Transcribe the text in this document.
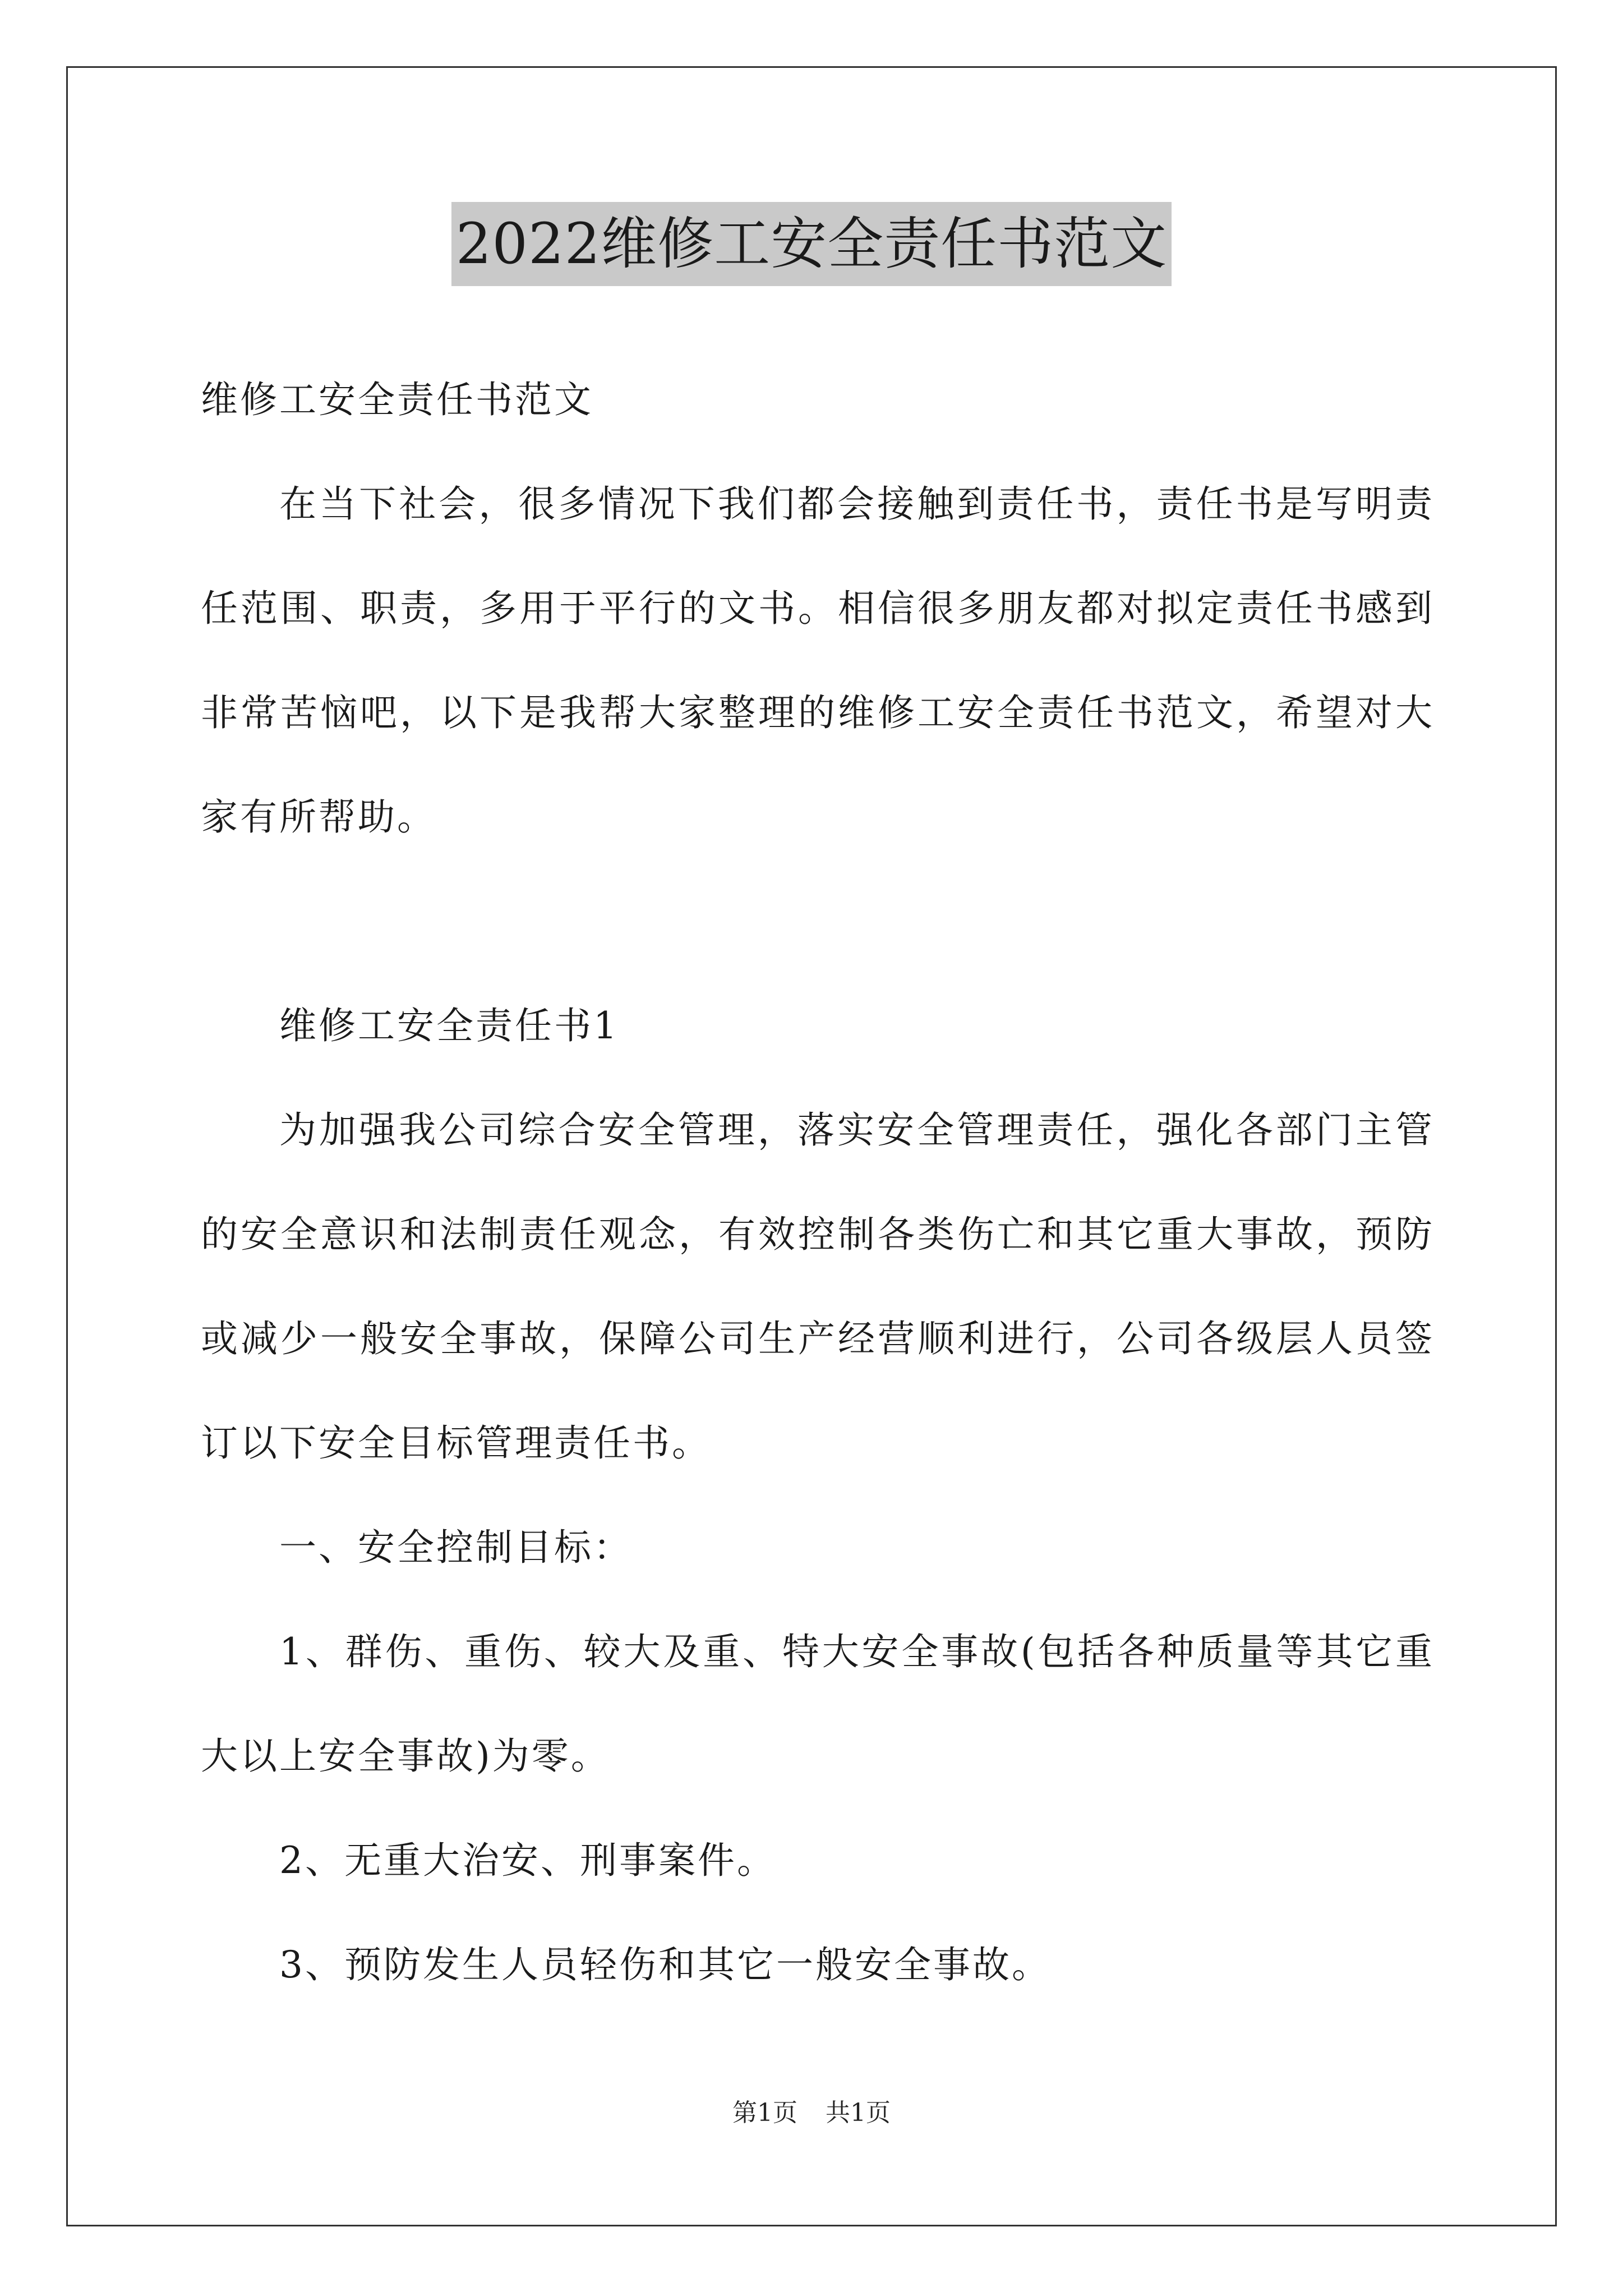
2022维修工安全责任书范文

维修工安全责任书范文

在当下社会，很多情况下我们都会接触到责任书，责任书是写明责任范围、职责，多用于平行的文书。相信很多朋友都对拟定责任书感到非常苦恼吧，以下是我帮大家整理的维修工安全责任书范文，希望对大家有所帮助。

维修工安全责任书1

为加强我公司综合安全管理，落实安全管理责任，强化各部门主管的安全意识和法制责任观念，有效控制各类伤亡和其它重大事故，预防或减少一般安全事故，保障公司生产经营顺利进行，公司各级层人员签订以下安全目标管理责任书。

一、安全控制目标：

1、群伤、重伤、较大及重、特大安全事故(包括各种质量等其它重大以上安全事故)为零。

2、无重大治安、刑事案件。

3、预防发生人员轻伤和其它一般安全事故。

第1页 共1页
